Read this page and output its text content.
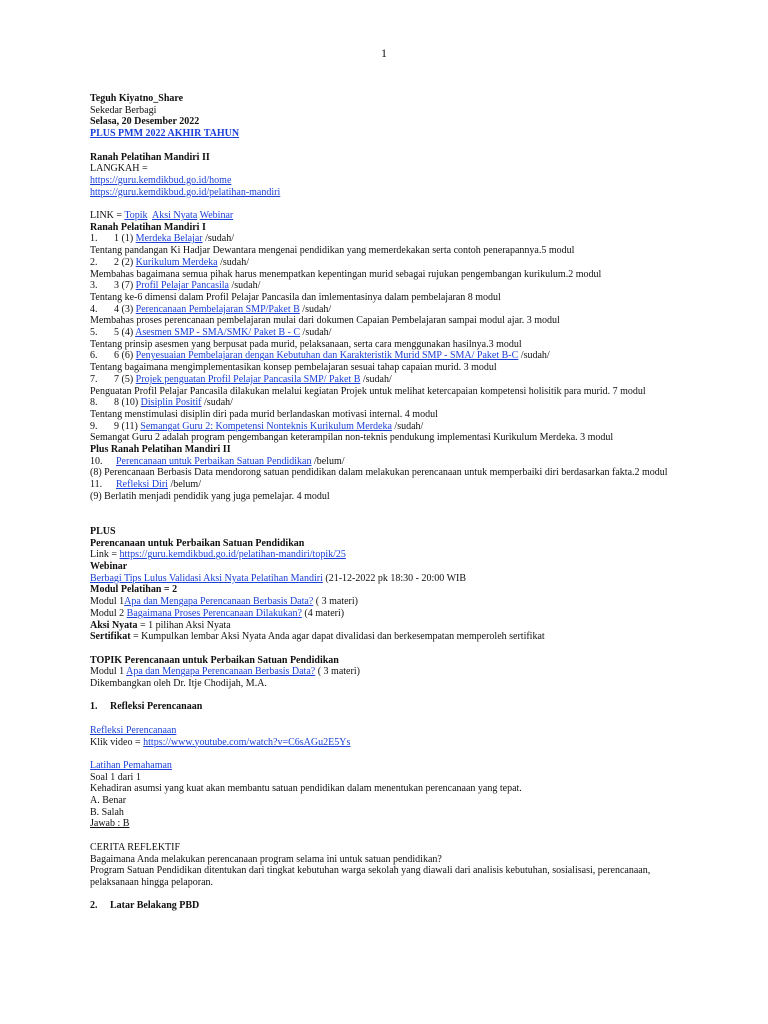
1
Teguh Kiyatno_Share
Sekedar Berbagi
Selasa, 20 Desember 2022
PLUS PMM 2022 AKHIR TAHUN
Ranah Pelatihan Mandiri II
LANGKAH =
https://guru.kemdikbud.go.id/home
https://guru.kemdikbud.go.id/pelatihan-mandiri
LINK = Topik Aksi Nyata Webinar
Ranah Pelatihan Mandiri I
1. 1 (1) Merdeka Belajar /sudah/
Tentang pandangan Ki Hadjar Dewantara mengenai pendidikan yang memerdekakan serta contoh penerapannya.5 modul
2. 2 (2) Kurikulum Merdeka /sudah/
Membahas bagaimana semua pihak harus menempatkan kepentingan murid sebagai rujukan pengembangan kurikulum.2 modul
3. 3 (7) Profil Pelajar Pancasila /sudah/
Tentang ke-6 dimensi dalam Profil Pelajar Pancasila dan imlementasinya dalam pembelajaran 8 modul
4. 4 (3) Perencanaan Pembelajaran SMP/Paket B /sudah/
Membahas proses perencanaan pembelajaran mulai dari dokumen Capaian Pembelajaran sampai modul ajar. 3 modul
5. 5 (4) Asesmen SMP - SMA/SMK/ Paket B - C /sudah/
Tentang prinsip asesmen yang berpusat pada murid, pelaksanaan, serta cara menggunakan hasilnya.3 modul
6. 6 (6) Penyesuaian Pembelajaran dengan Kebutuhan dan Karakteristik Murid SMP - SMA/ Paket B-C /sudah/
Tentang bagaimana mengimplementasikan konsep pembelajaran sesuai tahap capaian murid. 3 modul
7. 7 (5) Projek penguatan Profil Pelajar Pancasila SMP/ Paket B /sudah/
Penguatan Profil Pelajar Pancasila dilakukan melalui kegiatan Projek untuk melihat ketercapaian kompetensi holisitik para murid. 7 modul
8. 8 (10) Disiplin Positif /sudah/
Tentang menstimulasi disiplin diri pada murid berlandaskan motivasi internal. 4 modul
9. 9 (11) Semangat Guru 2: Kompetensi Nonteknis Kurikulum Merdeka /sudah/
Semangat Guru 2 adalah program pengembangan keterampilan non-teknis pendukung implementasi Kurikulum Merdeka. 3 modul
Plus Ranah Pelatihan Mandiri II
10. Perencanaan untuk Perbaikan Satuan Pendidikan /belum/
(8) Perencanaan Berbasis Data mendorong satuan pendidikan dalam melakukan perencanaan untuk memperbaiki diri berdasarkan fakta.2 modul
11. Refleksi Diri /belum/
(9) Berlatih menjadi pendidik yang juga pemelajar. 4 modul
PLUS
Perencanaan untuk Perbaikan Satuan Pendidikan
Link = https://guru.kemdikbud.go.id/pelatihan-mandiri/topik/25
Webinar
Berbagi Tips Lulus Validasi Aksi Nyata Pelatihan Mandiri (21-12-2022 pk 18:30 - 20:00 WIB
Modul Pelatihan = 2
Modul 1Apa dan Mengapa Perencanaan Berbasis Data? ( 3 materi)
Modul 2 Bagaimana Proses Perencanaan Dilakukan? (4 materi)
Aksi Nyata = 1 pilihan Aksi Nyata
Sertifikat = Kumpulkan lembar Aksi Nyata Anda agar dapat divalidasi dan berkesempatan memperoleh sertifikat
TOPIK Perencanaan untuk Perbaikan Satuan Pendidikan
Modul 1 Apa dan Mengapa Perencanaan Berbasis Data? ( 3 materi)
Dikembangkan oleh Dr. Itje Chodijah, M.A.
1. Refleksi Perencanaan
Refleksi Perencanaan
Klik video = https://www.youtube.com/watch?v=C6sAGu2E5Ys
Latihan Pemahaman
Soal 1 dari 1
Kehadiran asumsi yang kuat akan membantu satuan pendidikan dalam menentukan perencanaan yang tepat.
A. Benar
B. Salah
Jawab : B
CERITA REFLEKTIF
Bagaimana Anda melakukan perencanaan program selama ini untuk satuan pendidikan?
Program Satuan Pendidikan ditentukan dari tingkat kebutuhan warga sekolah yang diawali dari analisis kebutuhan, sosialisasi, perencanaan,
pelaksanaan hingga pelaporan.
2. Latar Belakang PBD
